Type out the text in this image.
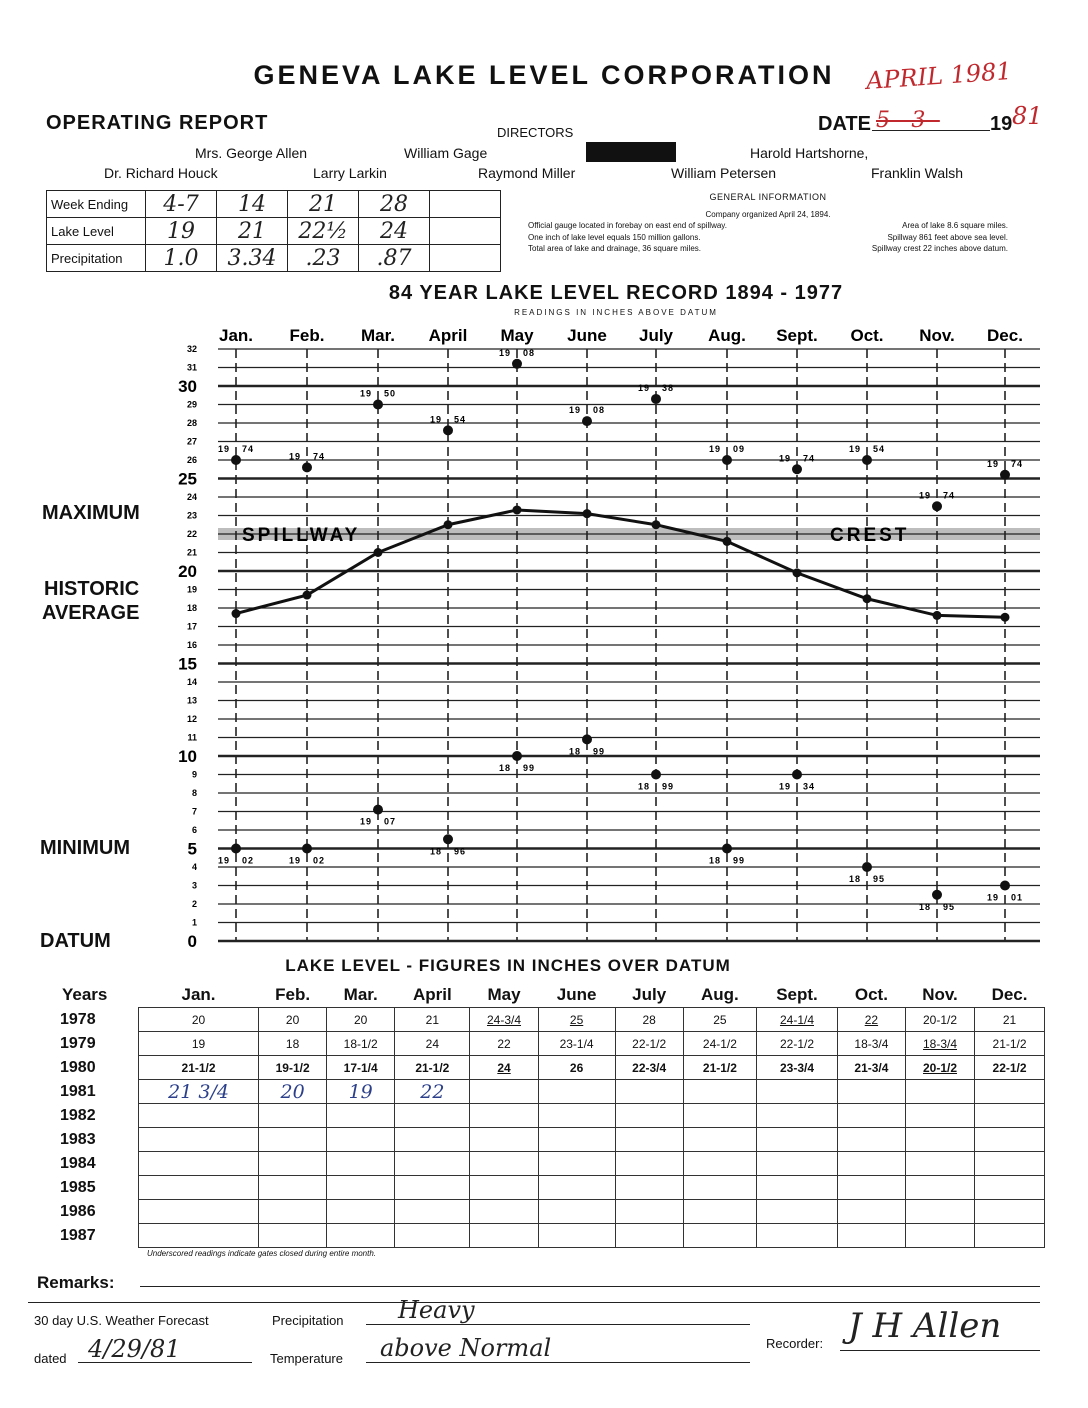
GENEVA LAKE LEVEL CORPORATION	APRIL 1981
OPERATING REPORT	DIRECTORS	DATE 5 - 3 -	19 81
Mrs. George Allen	William Gage	Harold Hartshorne,
Dr. Richard Houck	Larry Larkin	Raymond Miller	William Petersen	Franklin Walsh
Week Ending	4-7	14	21	28	
Lake Level	19	21	22½	24	
Precipitation	1.0	3.34	.23	.87	
GENERAL INFORMATION
Company organized April 24, 1894.
Official gauge located in forebay on east end of spillway.	Area of lake 8.6 square miles.
One inch of lake level equals 150 million gallons.	Spillway 861 feet above sea level.
Total area of lake and drainage, 36 square miles.	Spillway crest 22 inches above datum.
84 YEAR LAKE LEVEL RECORD 1894 - 1977
READINGS IN INCHES ABOVE DATUM
0
1
2
3
4
5
6
7
8
9
10
11
12
13
14
15
16
17
18
19
20
21
22
23
24
25
26
27
28
29
30
31
32
Jan. Feb. Mar. April May June July Aug. Sept. Oct. Nov. Dec.
SPILLWAY	CREST
19 74
19 74
19 50
19 54
19 08
19 08
19 38
19 09
19 74
19 54
19 74
19 74
19 02	19 02
19 07
18 96
18 99
18 99
18 99
18 99
19 34
18 95
18 95
19 01
MAXIMUM
HISTORIC
AVERAGE
MINIMUM
DATUM
LAKE LEVEL - FIGURES IN INCHES OVER DATUM
Years	Jan.	Feb.	Mar.	April	May	June	July	Aug.	Sept.	Oct.	Nov.	Dec.
1978	20	20	20	21	24-3/4	25	28	25	24-1/4	22	20-1/2	21
1979	19	18	18-1/2	24	22	23-1/4	22-1/2	24-1/2	22-1/2	18-3/4	18-3/4	21-1/2
1980	21-1/2	19-1/2	17-1/4	21-1/2	24	26	22-3/4	21-1/2	23-3/4	21-3/4	20-1/2	22-1/2
1981	21 3/4	20	19	22								
1982												
1983												
1984												
1985												
1986												
1987												
Underscored readings indicate gates closed during entire month.
Remarks:
30 day U.S. Weather Forecast
dated 4/29/81
Precipitation Heavy
Temperature above Normal	Recorder: J H Allen
